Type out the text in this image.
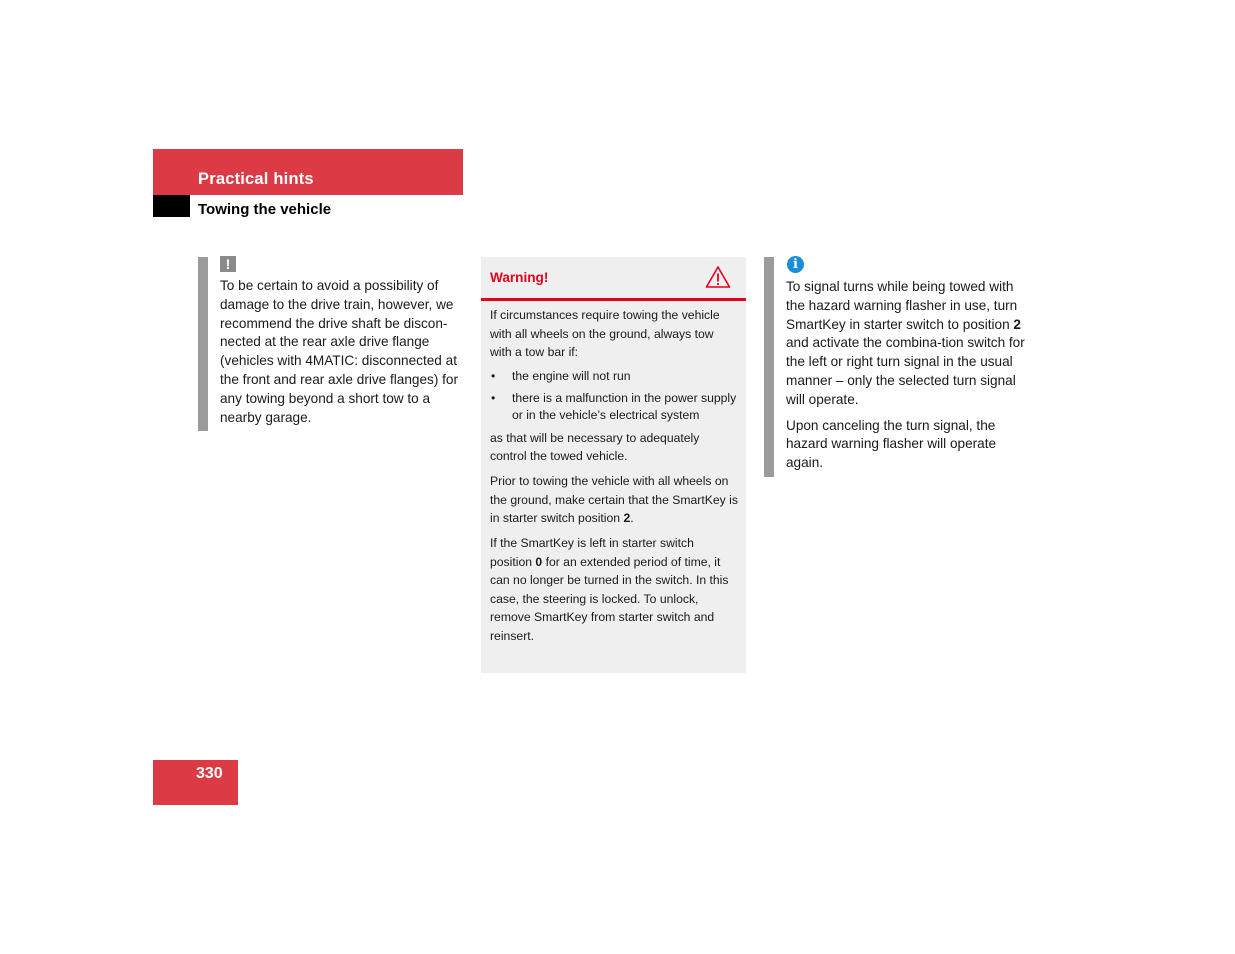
Practical hints
Towing the vehicle
!
To be certain to avoid a possibility of damage to the drive train, however, we recommend the drive shaft be discon-nected at the rear axle drive flange (vehicles with 4MATIC: disconnected at the front and rear axle drive flanges) for any towing beyond a short tow to a nearby garage.
Warning!

If circumstances require towing the vehicle with all wheels on the ground, always tow with a tow bar if:

• the engine will not run
• there is a malfunction in the power supply or in the vehicle’s electrical system

as that will be necessary to adequately control the towed vehicle.

Prior to towing the vehicle with all wheels on the ground, make certain that the SmartKey is in starter switch position 2.

If the SmartKey is left in starter switch position 0 for an extended period of time, it can no longer be turned in the switch. In this case, the steering is locked. To unlock, remove SmartKey from starter switch and reinsert.

i

To signal turns while being towed with the hazard warning flasher in use, turn SmartKey in starter switch to position 2 and activate the combina-tion switch for the left or right turn signal in the usual manner – only the selected turn signal will operate.

Upon canceling the turn signal, the hazard warning flasher will operate again.

330
